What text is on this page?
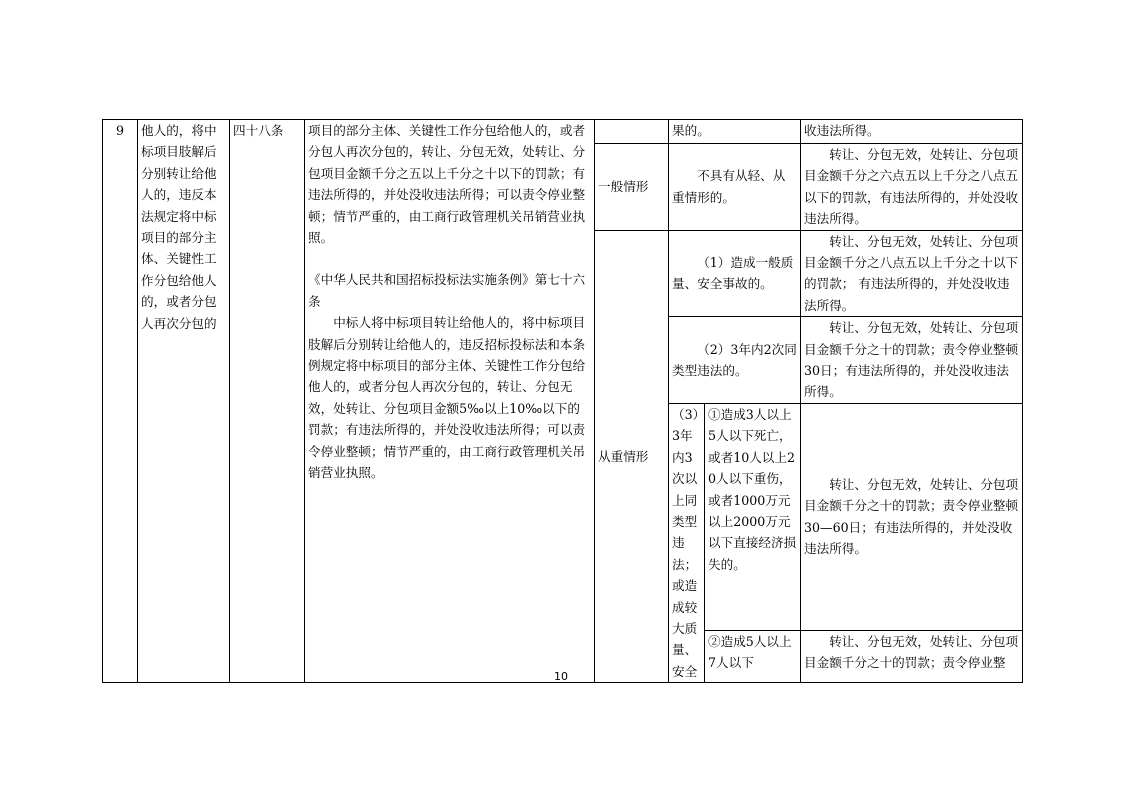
9	他人的，将中标项目肢解后分别转让给他人的，违反本法规定将中标项目的部分主体、关键性工作分包给他人的，或者分包人再次分包的	四十八条	项目的部分主体、关键性工作分包给他人的，或者分包人再次分包的，转让、分包无效，处转让、分包项目金额千分之五以上千分之十以下的罚款；有违法所得的，并处没收违法所得；可以责令停业整顿；情节严重的，由工商行政管理机关吊销营业执照。

《中华人民共和国招标投标法实施条例》第七十六条

中标人将中标项目转让给他人的，将中标项目肢解后分别转让给他人的，违反招标投标法和本条例规定将中标项目的部分主体、关键性工作分包给他人的，或者分包人再次分包的，转让、分包无效，处转让、分包项目金额5‰以上10‰以下的罚款；有违法所得的，并处没收违法所得；可以责令停业整顿；情节严重的，由工商行政管理机关吊销营业执照。		果的。		收违法所得。
				一般情形	不具有从轻、从重情形的。		转让、分包无效，处转让、分包项目金额千分之六点五以上千分之八点五以下的罚款，有违法所得的，并处没收违法所得。
				从重情形	（1）造成一般质量、安全事故的。		转让、分包无效，处转让、分包项目金额千分之八点五以上千分之十以下的罚款； 有违法所得的，并处没收违法所得。
					（2）3年内2次同类型违法的。		转让、分包无效，处转让、分包项目金额千分之十的罚款；责令停业整顿30日；有违法所得的，并处没收违法所得。
					（3）3年内3次以上同类型违法；或造成较大质量、安全	①造成3人以上5人以下死亡，或者10人以上20人以下重伤，或者1000万元以上2000万元以下直接经济损失的。	转让、分包无效，处转让、分包项目金额千分之十的罚款；责令停业整顿30—60日；有违法所得的，并处没收违法所得。
						②造成5人以上7人以下	转让、分包无效，处转让、分包项目金额千分之十的罚款；责令停业整
10
